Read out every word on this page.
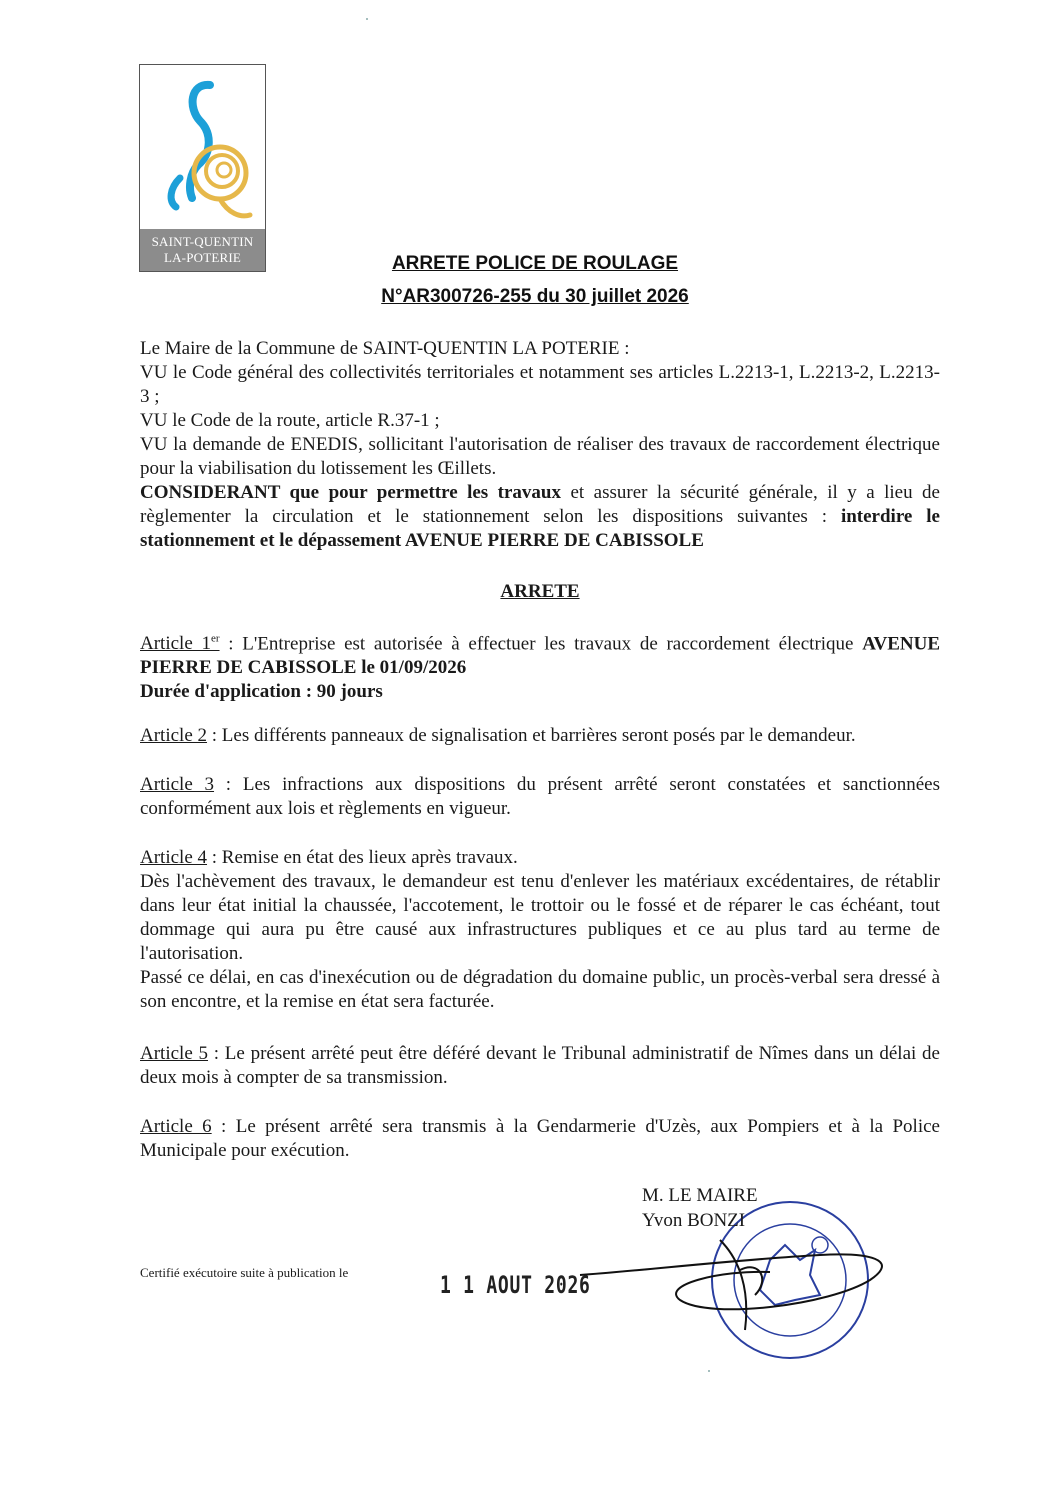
SAINT-QUENTIN
LA-POTERIE	ARRETE POLICE DE ROULAGE
N°AR300726-255 du 30 juillet 2026

Le Maire de la Commune de SAINT-QUENTIN LA POTERIE :

VU le Code général des collectivités territoriales et notamment ses articles L.2213-1, L.2213-2, L.2213-3 ;

VU le Code de la route, article R.37-1 ;

VU la demande de ENEDIS, sollicitant l'autorisation de réaliser des travaux de raccordement électrique pour la viabilisation du lotissement les Œillets.

CONSIDERANT que pour permettre les travaux et assurer la sécurité générale, il y a lieu de règlementer la circulation et le stationnement selon les dispositions suivantes : interdire le stationnement et le dépassement AVENUE PIERRE DE CABISSOLE

ARRETE

Article 1er : L'Entreprise est autorisée à effectuer les travaux de raccordement électrique AVENUE PIERRE DE CABISSOLE le 01/09/2026

Durée d'application : 90 jours

Article 2 : Les différents panneaux de signalisation et barrières seront posés par le demandeur.

Article 3 : Les infractions aux dispositions du présent arrêté seront constatées et sanctionnées conformément aux lois et règlements en vigueur.

Article 4 : Remise en état des lieux après travaux.

Dès l'achèvement des travaux, le demandeur est tenu d'enlever les matériaux excédentaires, de rétablir dans leur état initial la chaussée, l'accotement, le trottoir ou le fossé et de réparer le cas échéant, tout dommage qui aura pu être causé aux infrastructures publiques et ce au plus tard au terme de l'autorisation.

Passé ce délai, en cas d'inexécution ou de dégradation du domaine public, un procès-verbal sera dressé à son encontre, et la remise en état sera facturée.

Article 5 : Le présent arrêté peut être déféré devant le Tribunal administratif de Nîmes dans un délai de deux mois à compter de sa transmission.

Article 6 : Le présent arrêté sera transmis à la Gendarmerie d'Uzès, aux Pompiers et à la Police Municipale pour exécution.

M. LE MAIRE
Yvon BONZI
Certifié exécutoire suite à publication le	1 1 AOUT 2026
